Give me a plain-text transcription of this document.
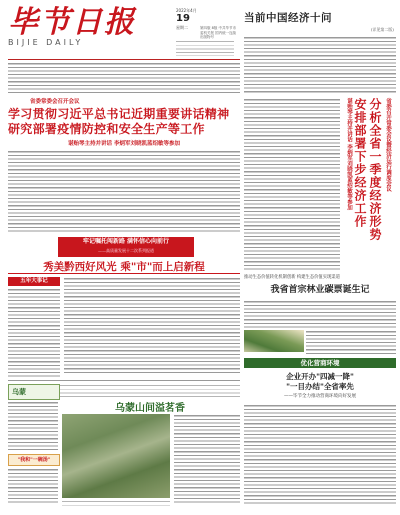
毕节日报
BIJIE DAILY
2022年4月
19
星期二	第四版 8版 中共毕节市委机关报 国内统一连续出版物号
当前中国经济十问
(详见第二版)
省委常委会召开会议
学习贯彻习近平总书记近期重要讲话精神
研究部署疫情防控和安全生产等工作
谌贻琴主持并讲话 李炳军刘晓凯蓝绍敏等参加	省委召开常委会议暨经济运行调度会议
分析全省一季度经济形势
安排部署下步经济工作
谌贻琴主持并讲话 李炳军刘晓凯蓝绍敏等参加
牢记嘱托闯新路 满怀信心向前行
——高质量发展十二次系列报道
秀美黔西好风光 乘"市"而上启新程
五年大事记
推动生态价值转化机制创新 构建生态价值实现渠道
我省首宗林业碳票诞生记
优化营商环境
企业开办"四减一降"
"一目办结"全省率先
——毕节全力推动营商环境向好发展
乌蒙
乌蒙山间溢茗香
"我和"一碗汤"
